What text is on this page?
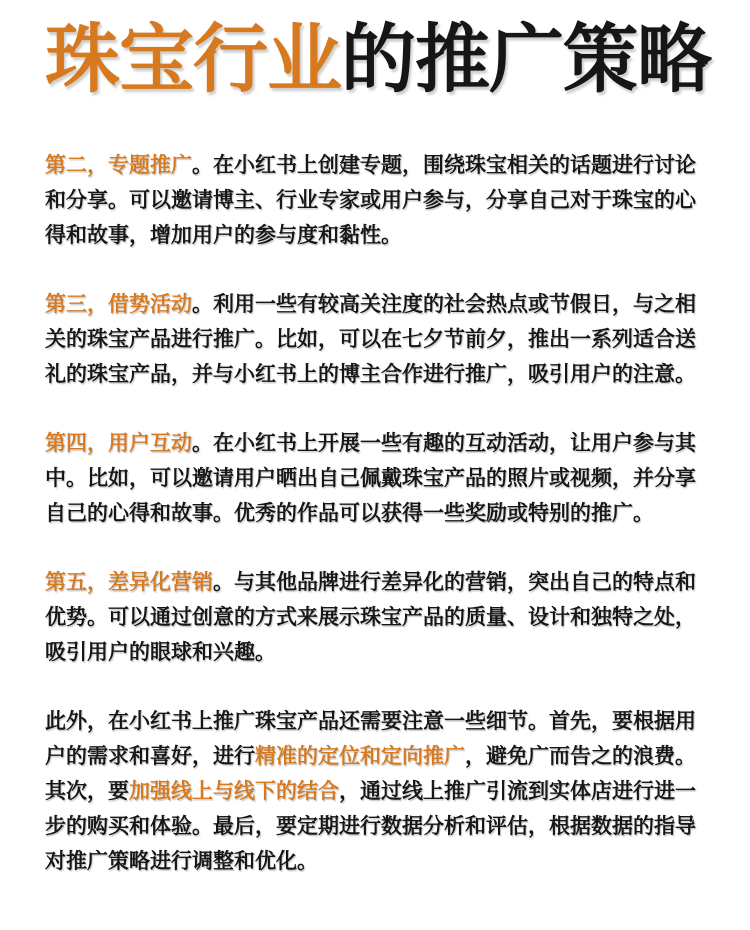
珠宝行业的推广策略

第二，专题推广。在小红书上创建专题，围绕珠宝相关的话题进行讨论和分享。可以邀请博主、行业专家或用户参与，分享自己对于珠宝的心得和故事，增加用户的参与度和黏性。

第三，借势活动。利用一些有较高关注度的社会热点或节假日，与之相关的珠宝产品进行推广。比如，可以在七夕节前夕，推出一系列适合送礼的珠宝产品，并与小红书上的博主合作进行推广，吸引用户的注意。

第四，用户互动。在小红书上开展一些有趣的互动活动，让用户参与其中。比如，可以邀请用户晒出自己佩戴珠宝产品的照片或视频，并分享自己的心得和故事。优秀的作品可以获得一些奖励或特别的推广。

第五，差异化营销。与其他品牌进行差异化的营销，突出自己的特点和优势。可以通过创意的方式来展示珠宝产品的质量、设计和独特之处，吸引用户的眼球和兴趣。

此外，在小红书上推广珠宝产品还需要注意一些细节。首先，要根据用户的需求和喜好，进行精准的定位和定向推广，避免广而告之的浪费。其次，要加强线上与线下的结合，通过线上推广引流到实体店进行进一步的购买和体验。最后，要定期进行数据分析和评估，根据数据的指导对推广策略进行调整和优化。
